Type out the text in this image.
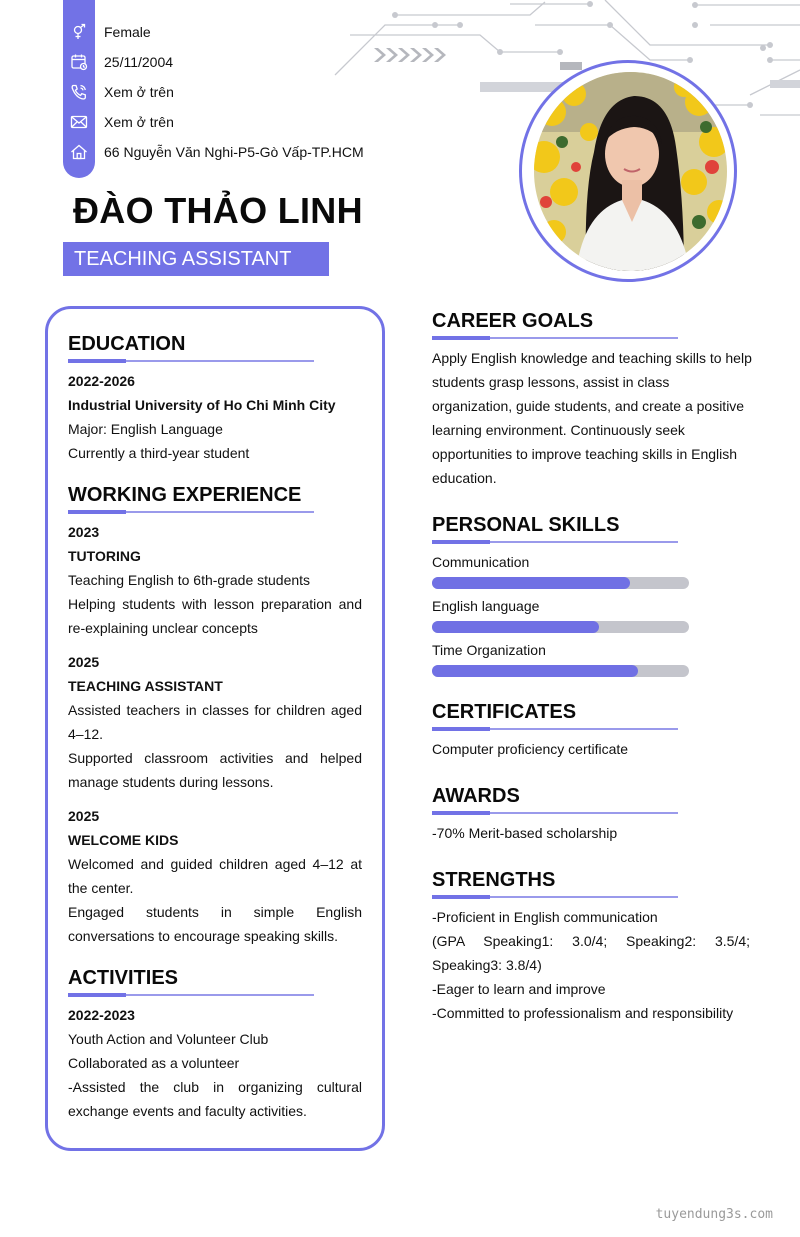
Female
25/11/2004
Xem ở trên
Xem ở trên
66 Nguyễn Văn Nghi-P5-Gò Vấp-TP.HCM
ĐÀO THẢO LINH
TEACHING ASSISTANT
EDUCATION
2022-2026
Industrial University of Ho Chi Minh City
Major: English Language
Currently a third-year student
WORKING EXPERIENCE
2023
TUTORING
Teaching English to 6th-grade students
Helping students with lesson preparation and re-explaining unclear concepts
2025
TEACHING ASSISTANT
Assisted teachers in classes for children aged 4–12.
Supported classroom activities and helped manage students during lessons.
2025
WELCOME KIDS
Welcomed and guided children aged 4–12 at the center.
Engaged students in simple English conversations to encourage speaking skills.
ACTIVITIES
2022-2023
Youth Action and Volunteer Club
Collaborated as a volunteer
-Assisted the club in organizing cultural exchange events and faculty activities.
CAREER GOALS
Apply English knowledge and teaching skills to help students grasp lessons, assist in class organization, guide students, and create a positive learning environment. Continuously seek opportunities to improve teaching skills in English education.
PERSONAL SKILLS
Communication
English language
Time Organization
CERTIFICATES
Computer proficiency certificate
AWARDS
-70% Merit-based scholarship
STRENGTHS
-Proficient in English communication
(GPA Speaking1: 3.0/4; Speaking2: 3.5/4; Speaking3: 3.8/4)
-Eager to learn and improve
-Committed to professionalism and responsibility
tuyendung3s.com
